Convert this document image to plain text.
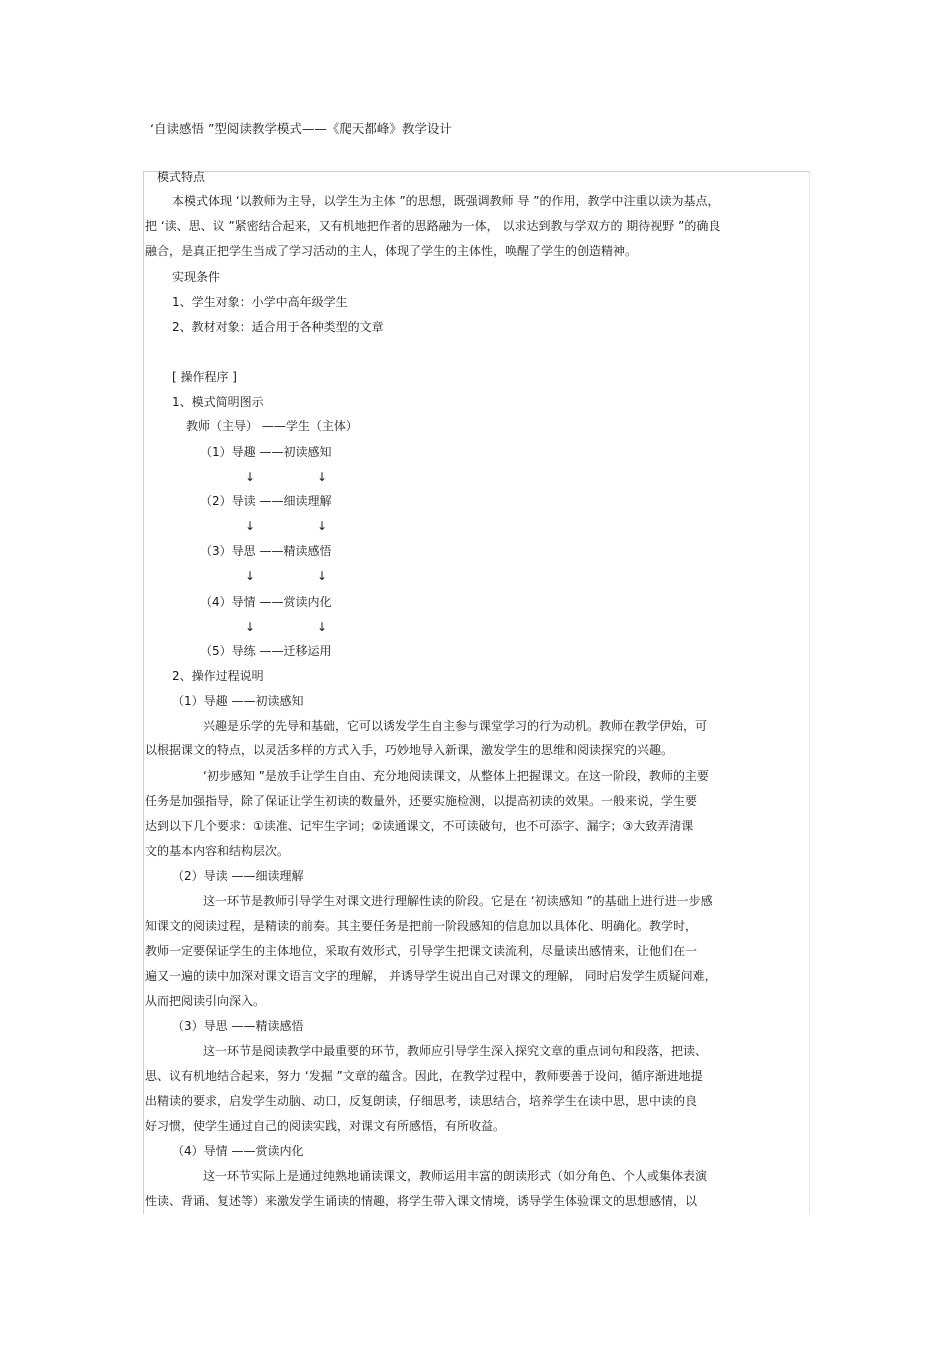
‘自读感悟 ”型阅读教学模式——《爬天都峰》教学设计
模式特点
本模式体现 ‘以教师为主导，以学生为主体 ”的思想，既强调教师 导 ”的作用，教学中注重以读为基点，
把 ‘读、思、议 ”紧密结合起来，又有机地把作者的思路融为一体， 以求达到教与学双方的 期待视野 ”的确良
融合，是真正把学生当成了学习活动的主人，体现了学生的主体性，唤醒了学生的创造精神。
实现条件
1、学生对象：小学中高年级学生
2、教材对象：适合用于各种类型的文章
[ 操作程序 ]
1、模式简明图示
教师（主导） ——学生（主体）
（1）导趣 ——初读感知
↓	↓
（2）导读 ——细读理解
↓	↓
（3）导思 ——精读感悟
↓	↓
（4）导情 ——赏读内化
↓	↓
（5）导练 ——迁移运用
2、操作过程说明
（1）导趣 ——初读感知
兴趣是乐学的先导和基础，它可以诱发学生自主参与课堂学习的行为动机。教师在教学伊始，可
以根据课文的特点，以灵活多样的方式入手，巧妙地导入新课，激发学生的思维和阅读探究的兴趣。
‘初步感知 ”是放手让学生自由、充分地阅读课文，从整体上把握课文。在这一阶段，教师的主要
任务是加强指导，除了保证让学生初读的数量外，还要实施检测，以提高初读的效果。一般来说，学生要
达到以下几个要求：①读准、记牢生字词；②读通课文，不可读破句，也不可添字、漏字；③大致弄清课
文的基本内容和结构层次。
（2）导读 ——细读理解
这一环节是教师引导学生对课文进行理解性读的阶段。它是在 ‘初读感知 ”的基础上进行进一步感
知课文的阅读过程，是精读的前奏。其主要任务是把前一阶段感知的信息加以具体化、明确化。教学时，
教师一定要保证学生的主体地位，采取有效形式，引导学生把课文读流利，尽量读出感情来，让他们在一
遍又一遍的读中加深对课文语言文字的理解， 并诱导学生说出自己对课文的理解， 同时启发学生质疑问难，
从而把阅读引向深入。
（3）导思 ——精读感悟
这一环节是阅读教学中最重要的环节，教师应引导学生深入探究文章的重点词句和段落，把读、
思、议有机地结合起来，努力 ‘发掘 ”文章的蕴含。因此，在教学过程中，教师要善于设问，循序渐进地提
出精读的要求，启发学生动脑、动口，反复朗读，仔细思考，读思结合，培养学生在读中思，思中读的良
好习惯，使学生通过自己的阅读实践，对课文有所感悟，有所收益。
（4）导情 ——赏读内化
这一环节实际上是通过纯熟地诵读课文，教师运用丰富的朗读形式（如分角色、个人或集体表演
性读、背诵、复述等）来激发学生诵读的情趣，将学生带入课文情境，诱导学生体验课文的思想感情，以
